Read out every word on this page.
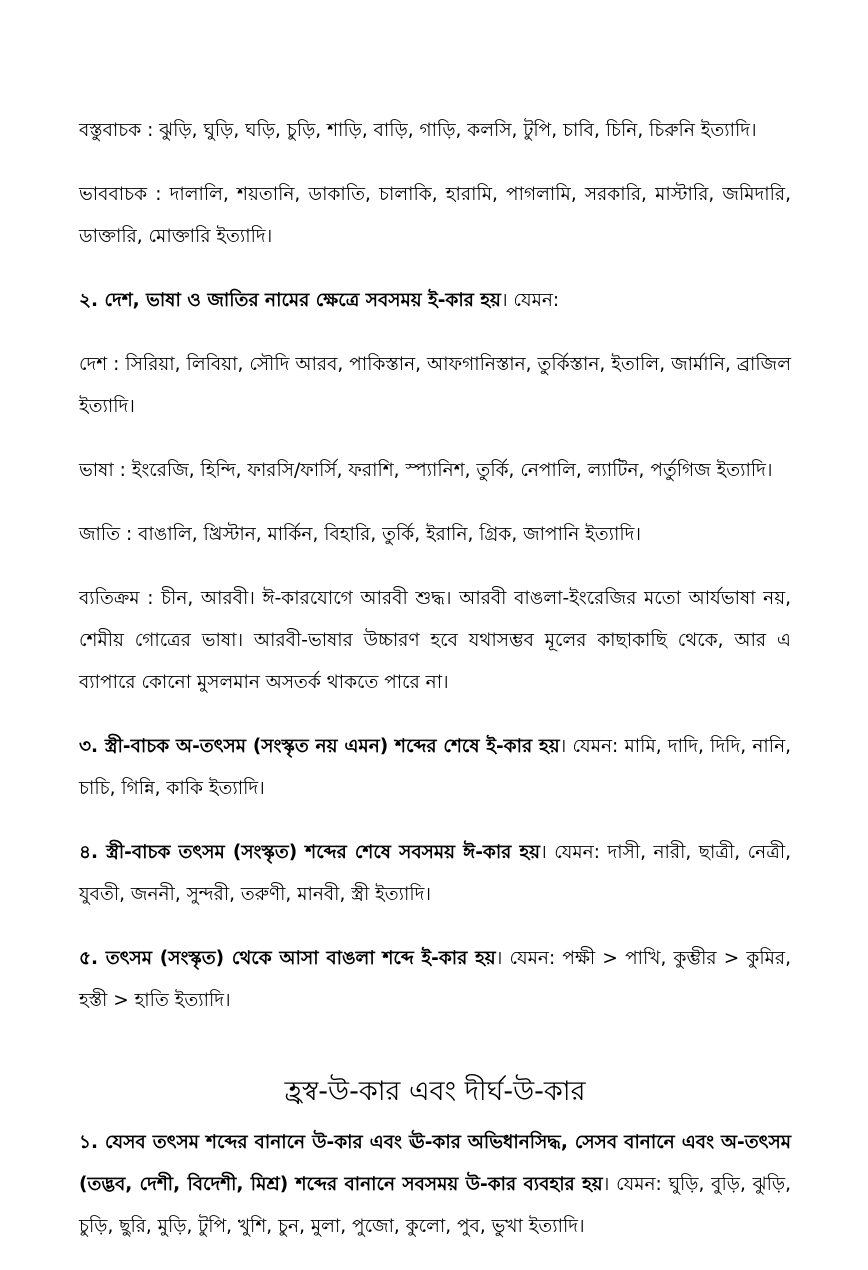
বস্তুবাচক : ঝুড়ি, ঘুড়ি, ঘড়ি, চুড়ি, শাড়ি, বাড়ি, গাড়ি, কলসি, টুপি, চাবি, চিনি, চিরুনি ইত্যাদি।

ভাববাচক : দালালি, শয়তানি, ডাকাতি, চালাকি, হারামি, পাগলামি, সরকারি, মাস্টারি, জমিদারি, ডাক্তারি, মোক্তারি ইত্যাদি।

২. দেশ, ভাষা ও জাতির নামের ক্ষেত্রে সবসময় ই-কার হয়। যেমন:

দেশ : সিরিয়া, লিবিয়া, সৌদি আরব, পাকিস্তান, আফগানিস্তান, তুর্কিস্তান, ইতালি, জার্মানি, ব্রাজিল ইত্যাদি।

ভাষা : ইংরেজি, হিন্দি, ফারসি/ফার্সি, ফরাশি, স্প্যানিশ, তুর্কি, নেপালি, ল্যাটিন, পর্তুগিজ ইত্যাদি।

জাতি : বাঙালি, খ্রিস্টান, মার্কিন, বিহারি, তুর্কি, ইরানি, গ্রিক, জাপানি ইত্যাদি।

ব্যতিক্রম : চীন, আরবী। ঈ-কারযোগে আরবী শুদ্ধ। আরবী বাঙলা-ইংরেজির মতো আর্যভাষা নয়, শেমীয় গোত্রের ভাষা। আরবী-ভাষার উচ্চারণ হবে যথাসম্ভব মূলের কাছাকাছি থেকে, আর এ ব্যাপারে কোনো মুসলমান অসতর্ক থাকতে পারে না।

৩. স্ত্রী-বাচক অ-তৎসম (সংস্কৃত নয় এমন) শব্দের শেষে ই-কার হয়। যেমন: মামি, দাদি, দিদি, নানি, চাচি, গিন্নি, কাকি ইত্যাদি।

৪. স্ত্রী-বাচক তৎসম (সংস্কৃত) শব্দের শেষে সবসময় ঈ-কার হয়। যেমন: দাসী, নারী, ছাত্রী, নেত্রী, যুবতী, জননী, সুন্দরী, তরুণী, মানবী, স্ত্রী ইত্যাদি।

৫. তৎসম (সংস্কৃত) থেকে আসা বাঙলা শব্দে ই-কার হয়। যেমন: পক্ষী > পাখি, কুম্ভীর > কুমির, হস্তী > হাতি ইত্যাদি।

হ্রস্ব-উ-কার এবং দীর্ঘ-উ-কার

১. যেসব তৎসম শব্দের বানানে উ-কার এবং ঊ-কার অভিধানসিদ্ধ, সেসব বানানে এবং অ-তৎসম (তদ্ভব, দেশী, বিদেশী, মিশ্র) শব্দের বানানে সবসময় উ-কার ব্যবহার হয়। যেমন: ঘুড়ি, বুড়ি, ঝুড়ি, চুড়ি, ছুরি, মুড়ি, টুপি, খুশি, চুন, মুলা, পুজো, কুলো, পুব, ভুখা ইত্যাদি।
